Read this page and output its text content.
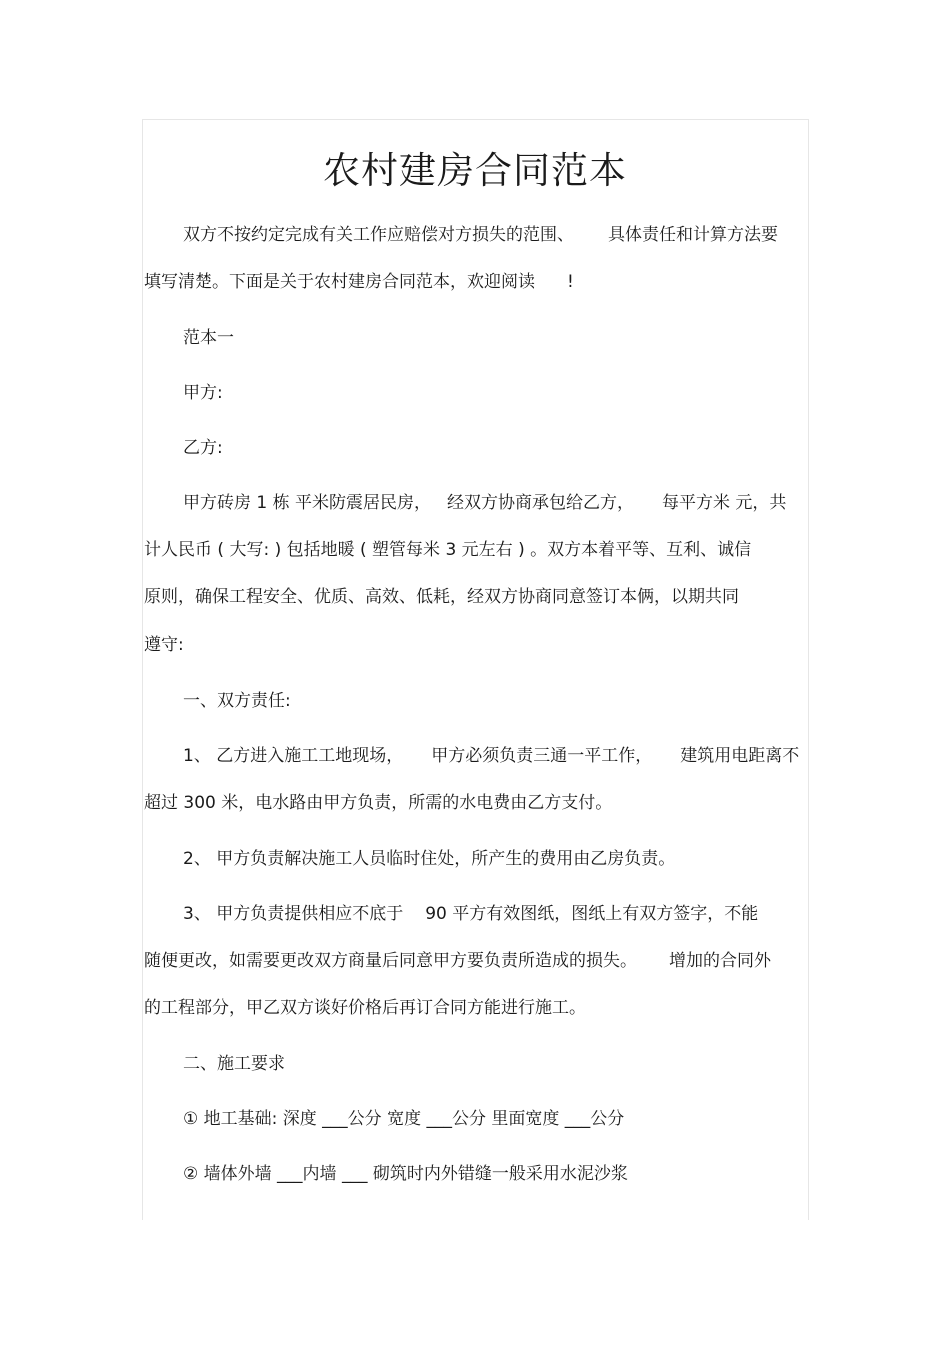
农村建房合同范本
双方不按约定完成有关工作应赔偿对方损失的范围、 具体责任和计算方法要
填写清楚。下面是关于农村建房合同范本，欢迎阅读 !
范本一
甲方:
乙方:
甲方砖房 1 栋 平米防震居民房， 经双方协商承包给乙方， 每平方米 元，共
计人民币 ( 大写: ) 包括地暖 ( 塑管每米 3 元左右 ) 。双方本着平等、互利、诚信
原则，确保工程安全、优质、高效、低耗，经双方协商同意签订本俩，以期共同
遵守:
一、双方责任:
1、 乙方进入施工工地现场， 甲方必须负责三通一平工作， 建筑用电距离不
超过 300 米，电水路由甲方负责，所需的水电费由乙方支付。
2、 甲方负责解决施工人员临时住处，所产生的费用由乙房负责。
3、 甲方负责提供相应不底于 90 平方有效图纸，图纸上有双方签字，不能
随便更改，如需要更改双方商量后同意甲方要负责所造成的损失。 增加的合同外
的工程部分，甲乙双方谈好价格后再订合同方能进行施工。
二、施工要求
① 地工基础: 深度 ___公分 宽度 ___公分 里面宽度 ___公分
② 墙体外墙 ___内墙 ___ 砌筑时内外错缝一般采用水泥沙浆
